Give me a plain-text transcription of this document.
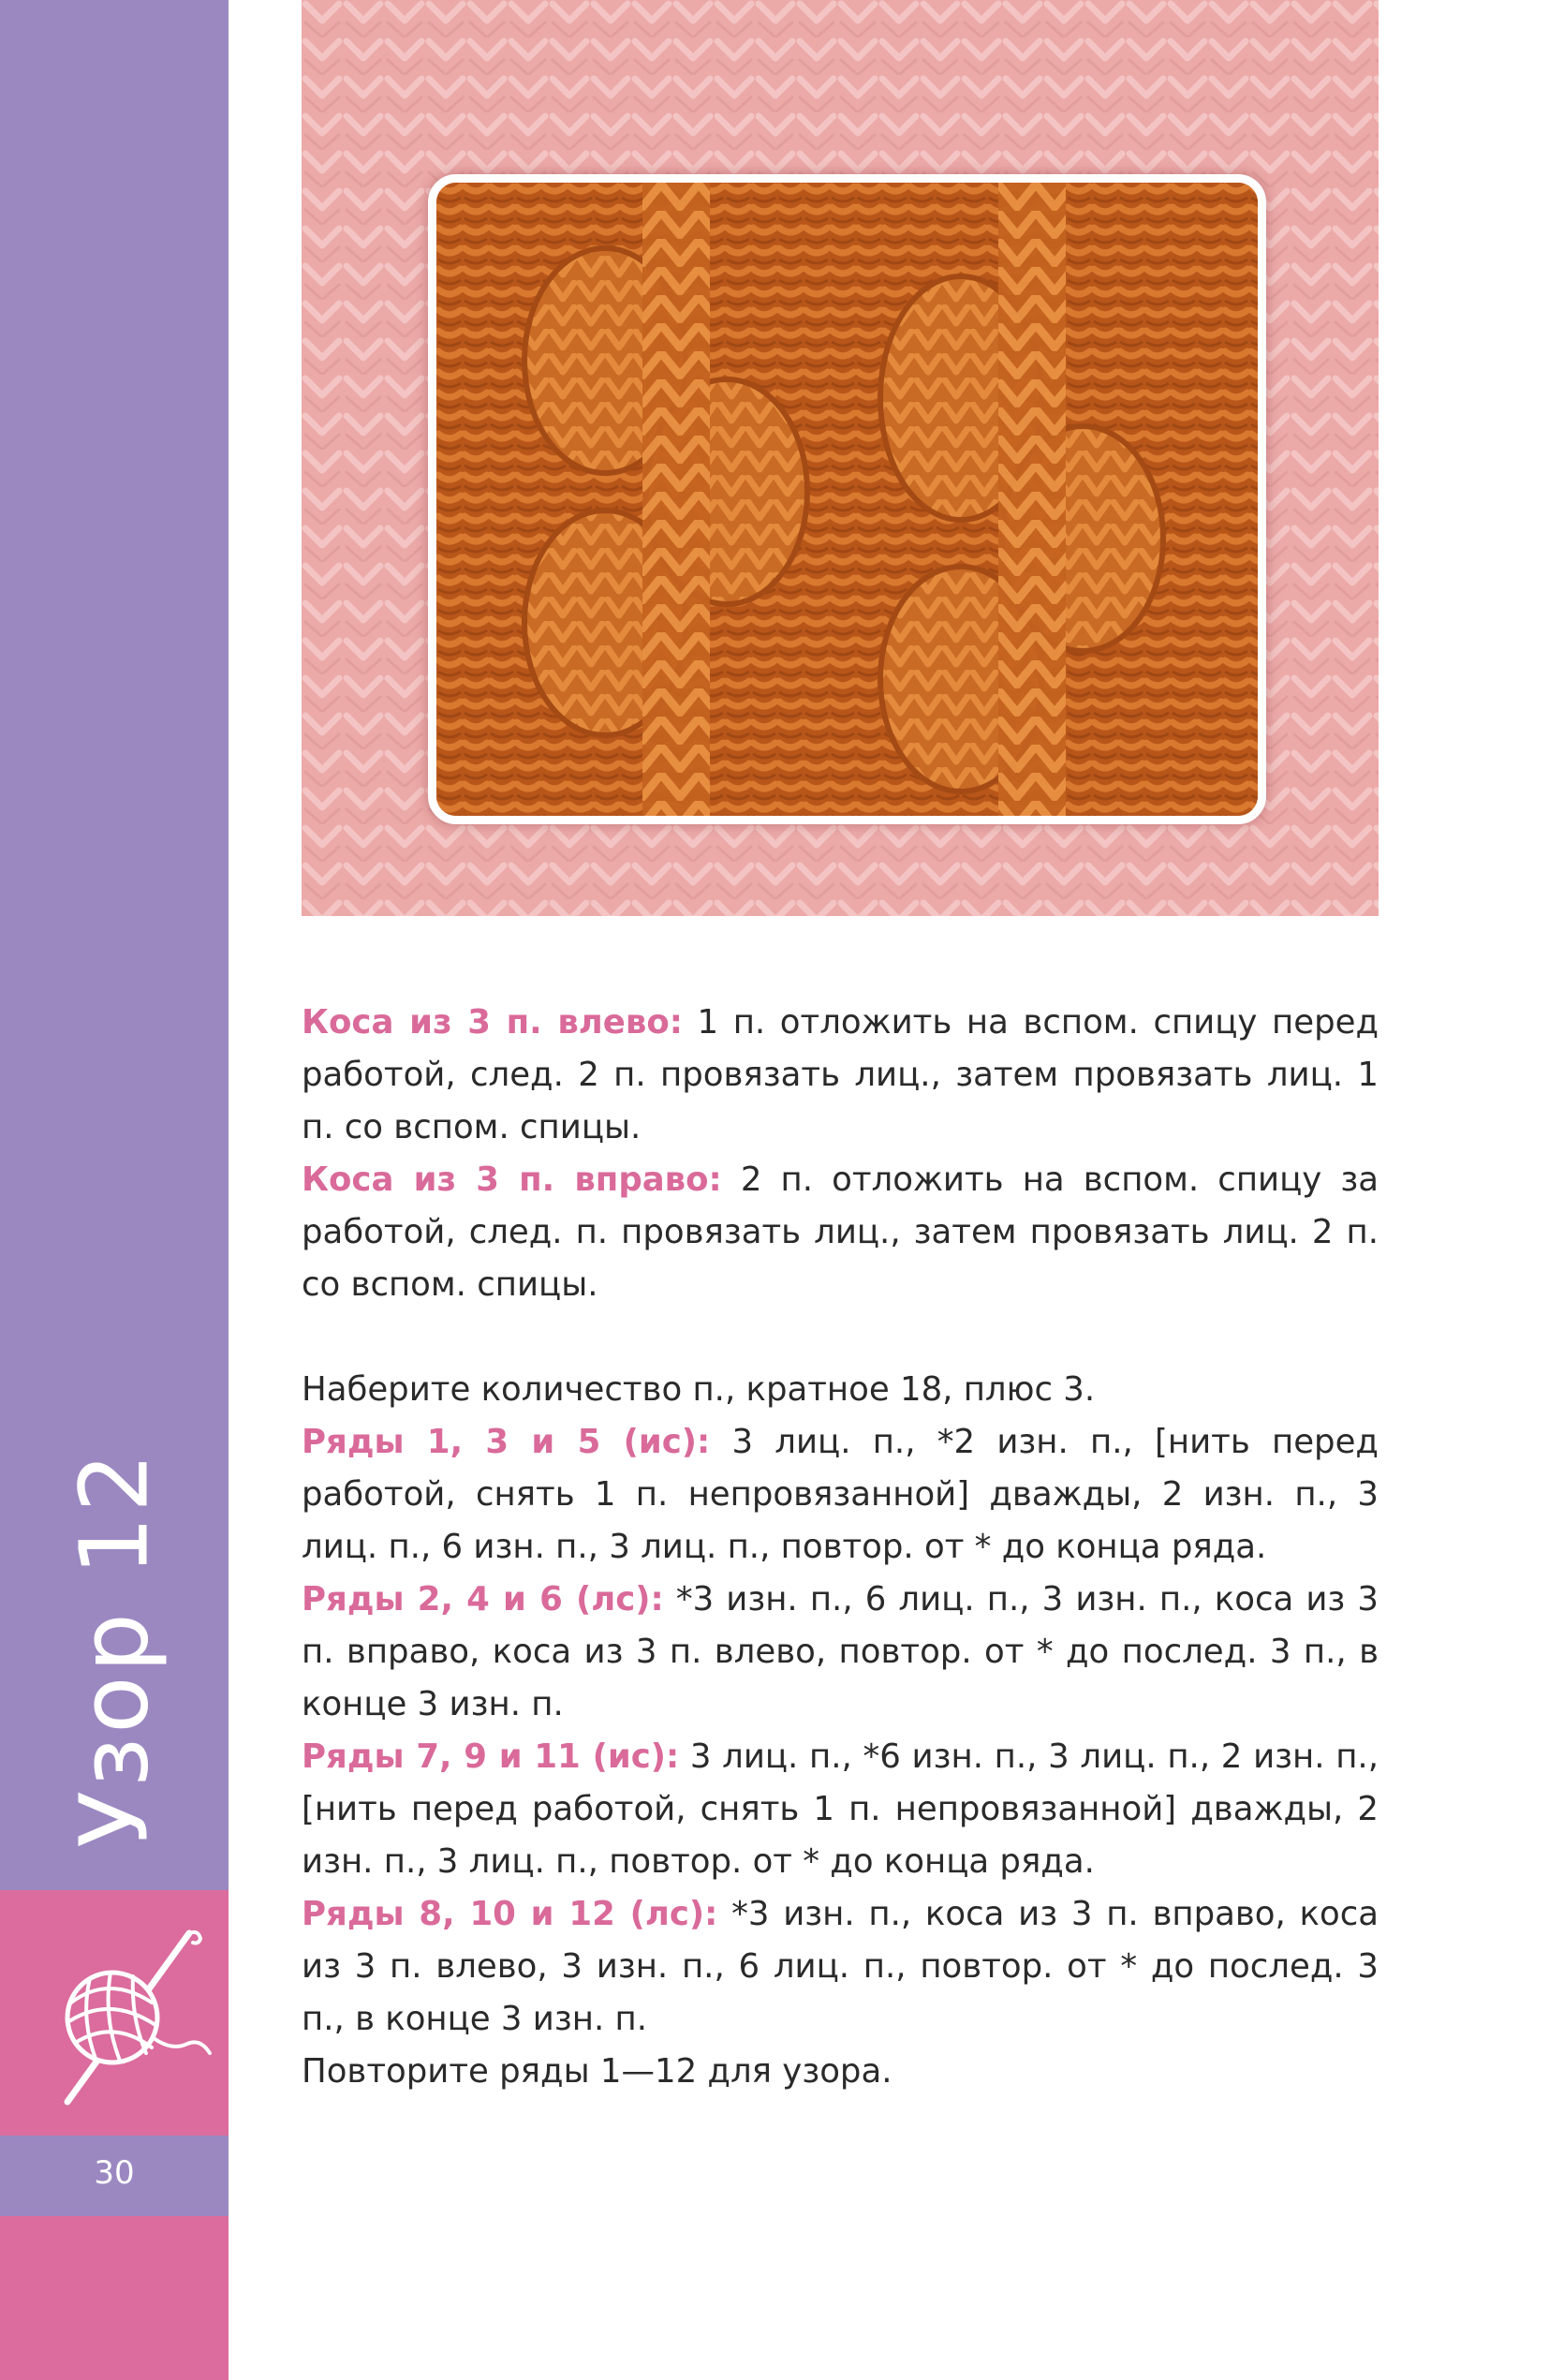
Узор 12
30

Коса из 3 п. влево: 1 п. отложить на вспом. спицу перед работой, след. 2 п. провязать лиц., затем провязать лиц. 1 п. со вспом. спицы.

Коса из 3 п. вправо: 2 п. отложить на вспом. спицу за работой, след. п. провязать лиц., затем провязать лиц. 2 п. со вспом. спицы.

Наберите количество п., кратное 18, плюс 3.

Ряды 1, 3 и 5 (ис): 3 лиц. п., *2 изн. п., [нить перед работой, снять 1 п. непровязанной] дважды, 2 изн. п., 3 лиц. п., 6 изн. п., 3 лиц. п., повтор. от * до конца ряда.

Ряды 2, 4 и 6 (лс): *3 изн. п., 6 лиц. п., 3 изн. п., коса из 3 п. вправо, коса из 3 п. влево, повтор. от * до послед. 3 п., в конце 3 изн. п.

Ряды 7, 9 и 11 (ис): 3 лиц. п., *6 изн. п., 3 лиц. п., 2 изн. п., [нить перед работой, снять 1 п. непровязанной] дважды, 2 изн. п., 3 лиц. п., повтор. от * до конца ряда.

Ряды 8, 10 и 12 (лс): *3 изн. п., коса из 3 п. вправо, коса из 3 п. влево, 3 изн. п., 6 лиц. п., повтор. от * до послед. 3 п., в конце 3 изн. п.

Повторите ряды 1—12 для узора.
